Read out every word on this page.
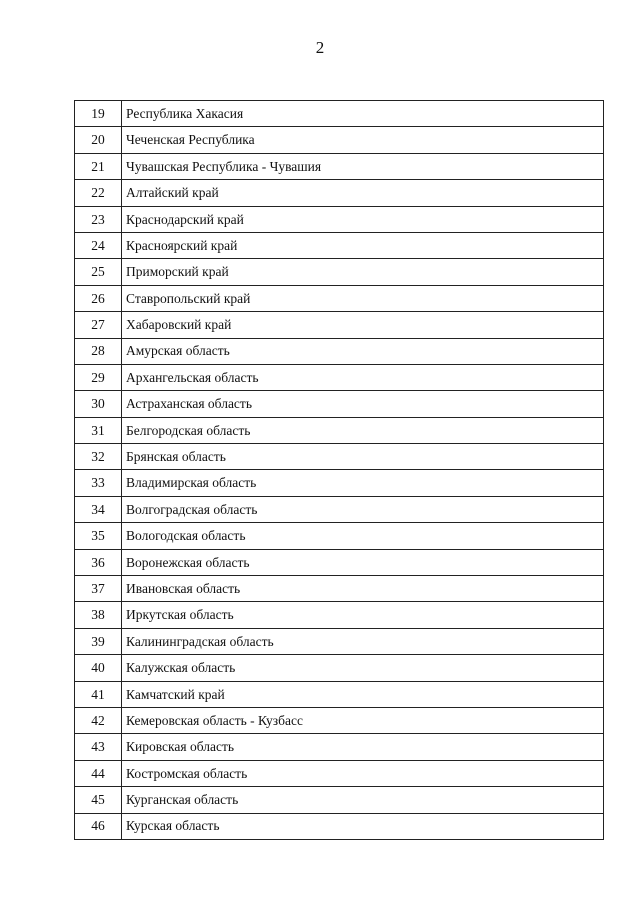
2
19	Республика Хакасия
20	Чеченская Республика
21	Чувашская Республика - Чувашия
22	Алтайский край
23	Краснодарский край
24	Красноярский край
25	Приморский край
26	Ставропольский край
27	Хабаровский край
28	Амурская область
29	Архангельская область
30	Астраханская область
31	Белгородская область
32	Брянская область
33	Владимирская область
34	Волгоградская область
35	Вологодская область
36	Воронежская область
37	Ивановская область
38	Иркутская область
39	Калининградская область
40	Калужская область
41	Камчатский край
42	Кемеровская область - Кузбасс
43	Кировская область
44	Костромская область
45	Курганская область
46	Курская область
